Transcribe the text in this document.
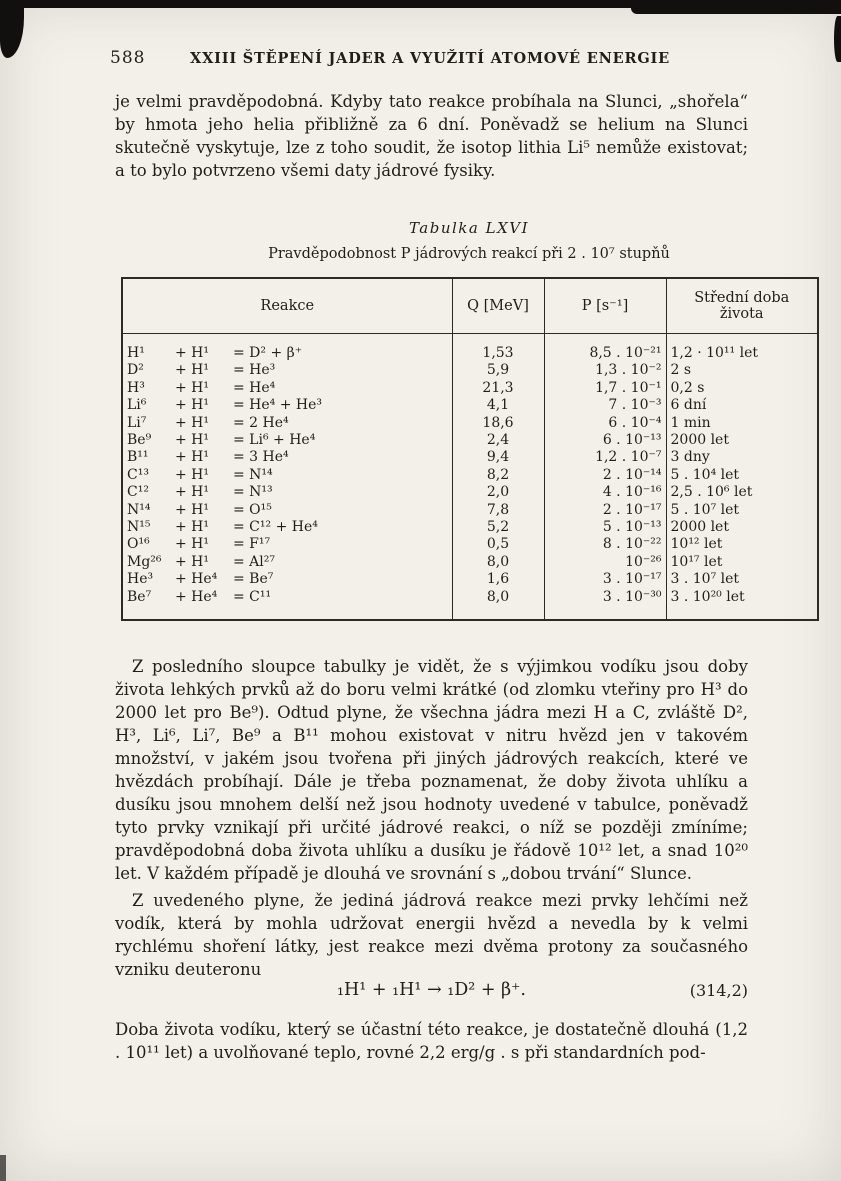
588	XXIII ŠTĚPENÍ JADER A VYUŽITÍ ATOMOVÉ ENERGIE

je velmi pravděpodobná. Kdyby tato reakce probíhala na Slunci, „shořela“ by hmota jeho helia přibližně za 6 dní. Poněvadž se helium na Slunci skutečně vyskytuje, lze z toho soudit, že isotop lithia Li⁵ nemůže existovat; a to bylo potvrzeno všemi daty jádrové fysiky.

Tabulka LXVI
Pravděpodobnost P jádrových reakcí při 2 . 10⁷ stupňů
Reakce	Q [MeV]	P [s⁻¹]	Střední doba života
H¹ + H¹ = D² + β⁺	1,53	8,5 . 10⁻²¹	1,2 · 10¹¹ let
D² + H¹ = He³	5,9	1,3 . 10⁻²	2 s
H³ + H¹ = He⁴	21,3	1,7 . 10⁻¹	0,2 s
Li⁶ + H¹ = He⁴ + He³	4,1	7 . 10⁻³	6 dní
Li⁷ + H¹ = 2 He⁴	18,6	6 . 10⁻⁴	1 min
Be⁹ + H¹ = Li⁶ + He⁴	2,4	6 . 10⁻¹³	2000 let
B¹¹ + H¹ = 3 He⁴	9,4	1,2 . 10⁻⁷	3 dny
C¹³ + H¹ = N¹⁴	8,2	2 . 10⁻¹⁴	5 . 10⁴ let
C¹² + H¹ = N¹³	2,0	4 . 10⁻¹⁶	2,5 . 10⁶ let
N¹⁴ + H¹ = O¹⁵	7,8	2 . 10⁻¹⁷	5 . 10⁷ let
N¹⁵ + H¹ = C¹² + He⁴	5,2	5 . 10⁻¹³	2000 let
O¹⁶ + H¹ = F¹⁷	0,5	8 . 10⁻²²	10¹² let
Mg²⁶ + H¹ = Al²⁷	8,0	10⁻²⁶	10¹⁷ let
He³ + He⁴ = Be⁷	1,6	3 . 10⁻¹⁷	3 . 10⁷ let
Be⁷ + He⁴ = C¹¹	8,0	3 . 10⁻³⁰	3 . 10²⁰ let

Z posledního sloupce tabulky je vidět, že s výjimkou vodíku jsou doby života lehkých prvků až do boru velmi krátké (od zlomku vteřiny pro H³ do 2000 let pro Be⁹). Odtud plyne, že všechna jádra mezi H a C, zvláště D², H³, Li⁶, Li⁷, Be⁹ a B¹¹ mohou existovat v nitru hvězd jen v takovém množství, v jakém jsou tvořena při jiných jádrových reakcích, které ve hvězdách probíhají. Dále je třeba poznamenat, že doby života uhlíku a dusíku jsou mnohem delší než jsou hodnoty uvedené v tabulce, poněvadž tyto prvky vznikají při určité jádrové reakci, o níž se později zmíníme; pravděpodobná doba života uhlíku a dusíku je řádově 10¹² let, a snad 10²⁰ let. V každém případě je dlouhá ve srovnání s „dobou trvání“ Slunce.

Z uvedeného plyne, že jediná jádrová reakce mezi prvky lehčími než vodík, která by mohla udržovat energii hvězd a nevedla by k velmi rychlému shoření látky, jest reakce mezi dvěma protony za současného vzniku deuteronu

₁H¹ + ₁H¹ → ₁D² + β⁺.	(314,2)

Doba života vodíku, který se účastní této reakce, je dostatečně dlouhá (1,2 . 10¹¹ let) a uvolňované teplo, rovné 2,2 erg/g . s při standardních pod-
